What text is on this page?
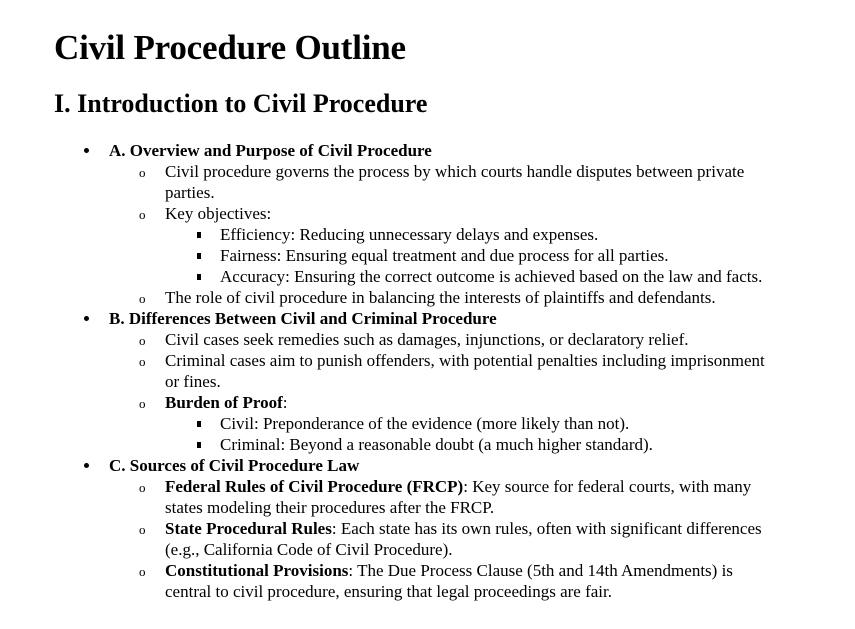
Civil Procedure Outline
I. Introduction to Civil Procedure
A. Overview and Purpose of Civil Procedure
o Civil procedure governs the process by which courts handle disputes between private parties.
o Key objectives:
Efficiency: Reducing unnecessary delays and expenses.
Fairness: Ensuring equal treatment and due process for all parties.
Accuracy: Ensuring the correct outcome is achieved based on the law and facts.
o The role of civil procedure in balancing the interests of plaintiffs and defendants.
B. Differences Between Civil and Criminal Procedure
o Civil cases seek remedies such as damages, injunctions, or declaratory relief.
o Criminal cases aim to punish offenders, with potential penalties including imprisonment or fines.
o Burden of Proof:
Civil: Preponderance of the evidence (more likely than not).
Criminal: Beyond a reasonable doubt (a much higher standard).
C. Sources of Civil Procedure Law
o Federal Rules of Civil Procedure (FRCP): Key source for federal courts, with many states modeling their procedures after the FRCP.
o State Procedural Rules: Each state has its own rules, often with significant differences (e.g., California Code of Civil Procedure).
o Constitutional Provisions: The Due Process Clause (5th and 14th Amendments) is central to civil procedure, ensuring that legal proceedings are fair.
